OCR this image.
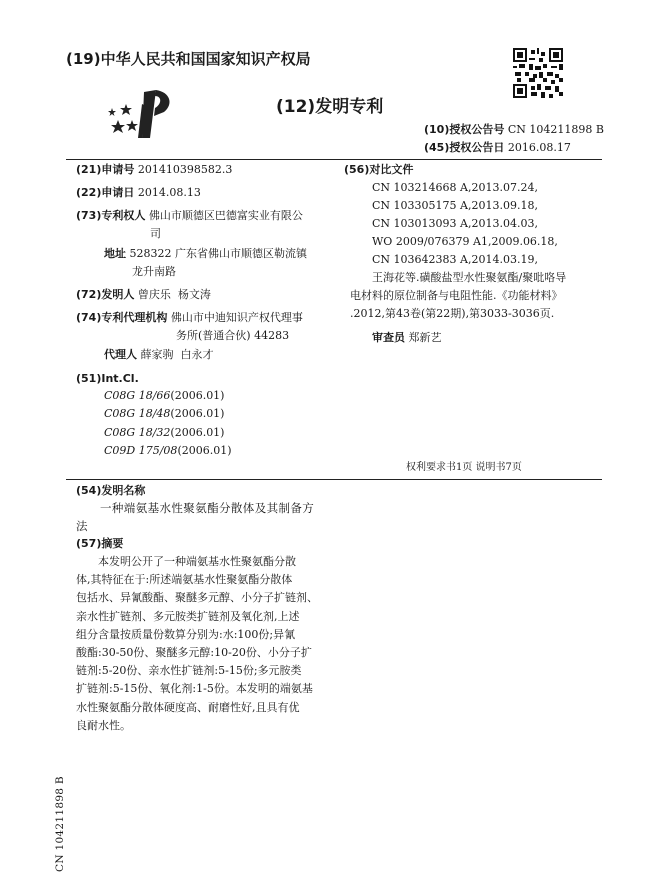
(19)中华人民共和国国家知识产权局
(12)发明专利
(10)授权公告号 CN 104211898 B
(45)授权公告日 2016.08.17
(21)申请号 201410398582.3
(22)申请日 2014.08.13
(73)专利权人 佛山市顺德区巴德富实业有限公
司
地址 528322 广东省佛山市顺德区勒流镇
龙升南路
(72)发明人 曾庆乐  杨文涛
(74)专利代理机构 佛山市中迪知识产权代理事
务所(普通合伙) 44283
代理人 薛家驹  白永才
(51)Int.Cl.
C08G 18/66(2006.01)
C08G 18/48(2006.01)
C08G 18/32(2006.01)
C09D 175/08(2006.01)
(56)对比文件
CN 103214668 A,2013.07.24,
CN 103305175 A,2013.09.18,
CN 103013093 A,2013.04.03,
WO 2009/076379 A1,2009.06.18,
CN 103642383 A,2014.03.19,
王海花等.磺酸盐型水性聚氨酯/聚吡咯导
电材料的原位制备与电阻性能.《功能材料》
.2012,第43卷(第22期),第3033-3036页.
审查员 郑新艺
权利要求书1页 说明书7页
(54)发明名称
一种端氨基水性聚氨酯分散体及其制备方
法
(57)摘要
本发明公开了一种端氨基水性聚氨酯分散
体,其特征在于:所述端氨基水性聚氨酯分散体
包括水、异氰酸酯、聚醚多元醇、小分子扩链剂、
亲水性扩链剂、多元胺类扩链剂及氧化剂,上述
组分含量按质量份数算分别为:水:100份;异氰
酸酯:30-50份、聚醚多元醇:10-20份、小分子扩
链剂:5-20份、亲水性扩链剂:5-15份;多元胺类
扩链剂:5-15份、氧化剂:1-5份。本发明的端氨基
水性聚氨酯分散体硬度高、耐磨性好,且具有优
良耐水性。
CN 104211898 B
